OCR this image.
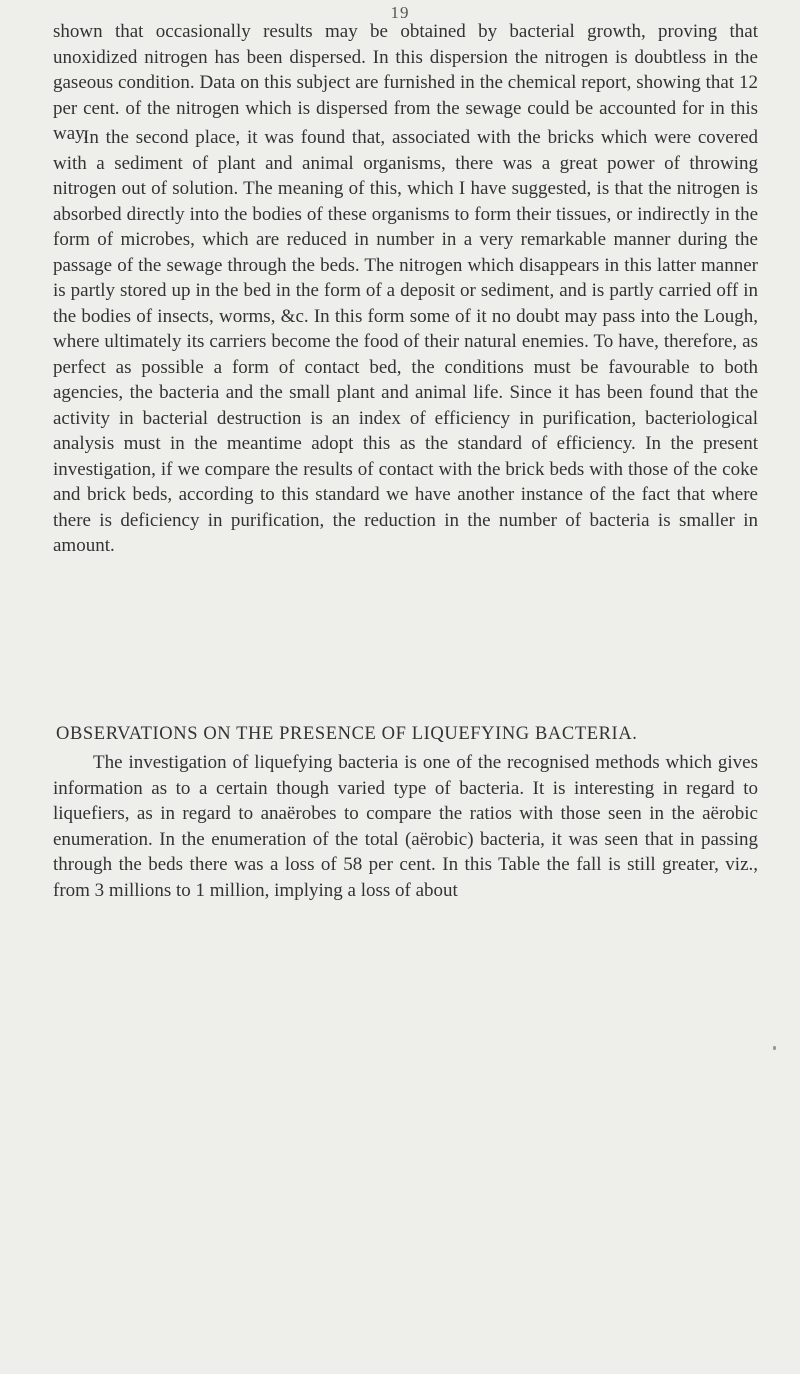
19

shown that occasionally results may be obtained by bacterial growth, proving that unoxidized nitrogen has been dispersed. In this dispersion the nitrogen is doubtless in the gaseous condition. Data on this subject are furnished in the chemical report, showing that 12 per cent. of the nitrogen which is dispersed from the sewage could be accounted for in this way.

In the second place, it was found that, associated with the bricks which were covered with a sediment of plant and animal organisms, there was a great power of throwing nitrogen out of solution. The meaning of this, which I have suggested, is that the nitrogen is absorbed directly into the bodies of these organisms to form their tissues, or indirectly in the form of microbes, which are reduced in number in a very remarkable manner during the passage of the sewage through the beds. The nitrogen which disappears in this latter manner is partly stored up in the bed in the form of a deposit or sediment, and is partly carried off in the bodies of insects, worms, &c. In this form some of it no doubt may pass into the Lough, where ultimately its carriers become the food of their natural enemies. To have, therefore, as perfect as possible a form of contact bed, the conditions must be favourable to both agencies, the bacteria and the small plant and animal life. Since it has been found that the activity in bacterial destruction is an index of efficiency in purification, bacteriological analysis must in the meantime adopt this as the standard of efficiency. In the present investigation, if we compare the results of contact with the brick beds with those of the coke and brick beds, according to this standard we have another instance of the fact that where there is deficiency in purification, the reduction in the number of bacteria is smaller in amount.

OBSERVATIONS ON THE PRESENCE OF LIQUEFYING BACTERIA.

The investigation of liquefying bacteria is one of the recognised methods which gives information as to a certain though varied type of bacteria. It is interesting in regard to liquefiers, as in regard to anaërobes to compare the ratios with those seen in the aërobic enumeration. In the enumeration of the total (aërobic) bacteria, it was seen that in passing through the beds there was a loss of 58 per cent. In this Table the fall is still greater, viz., from 3 millions to 1 million, implying a loss of about
